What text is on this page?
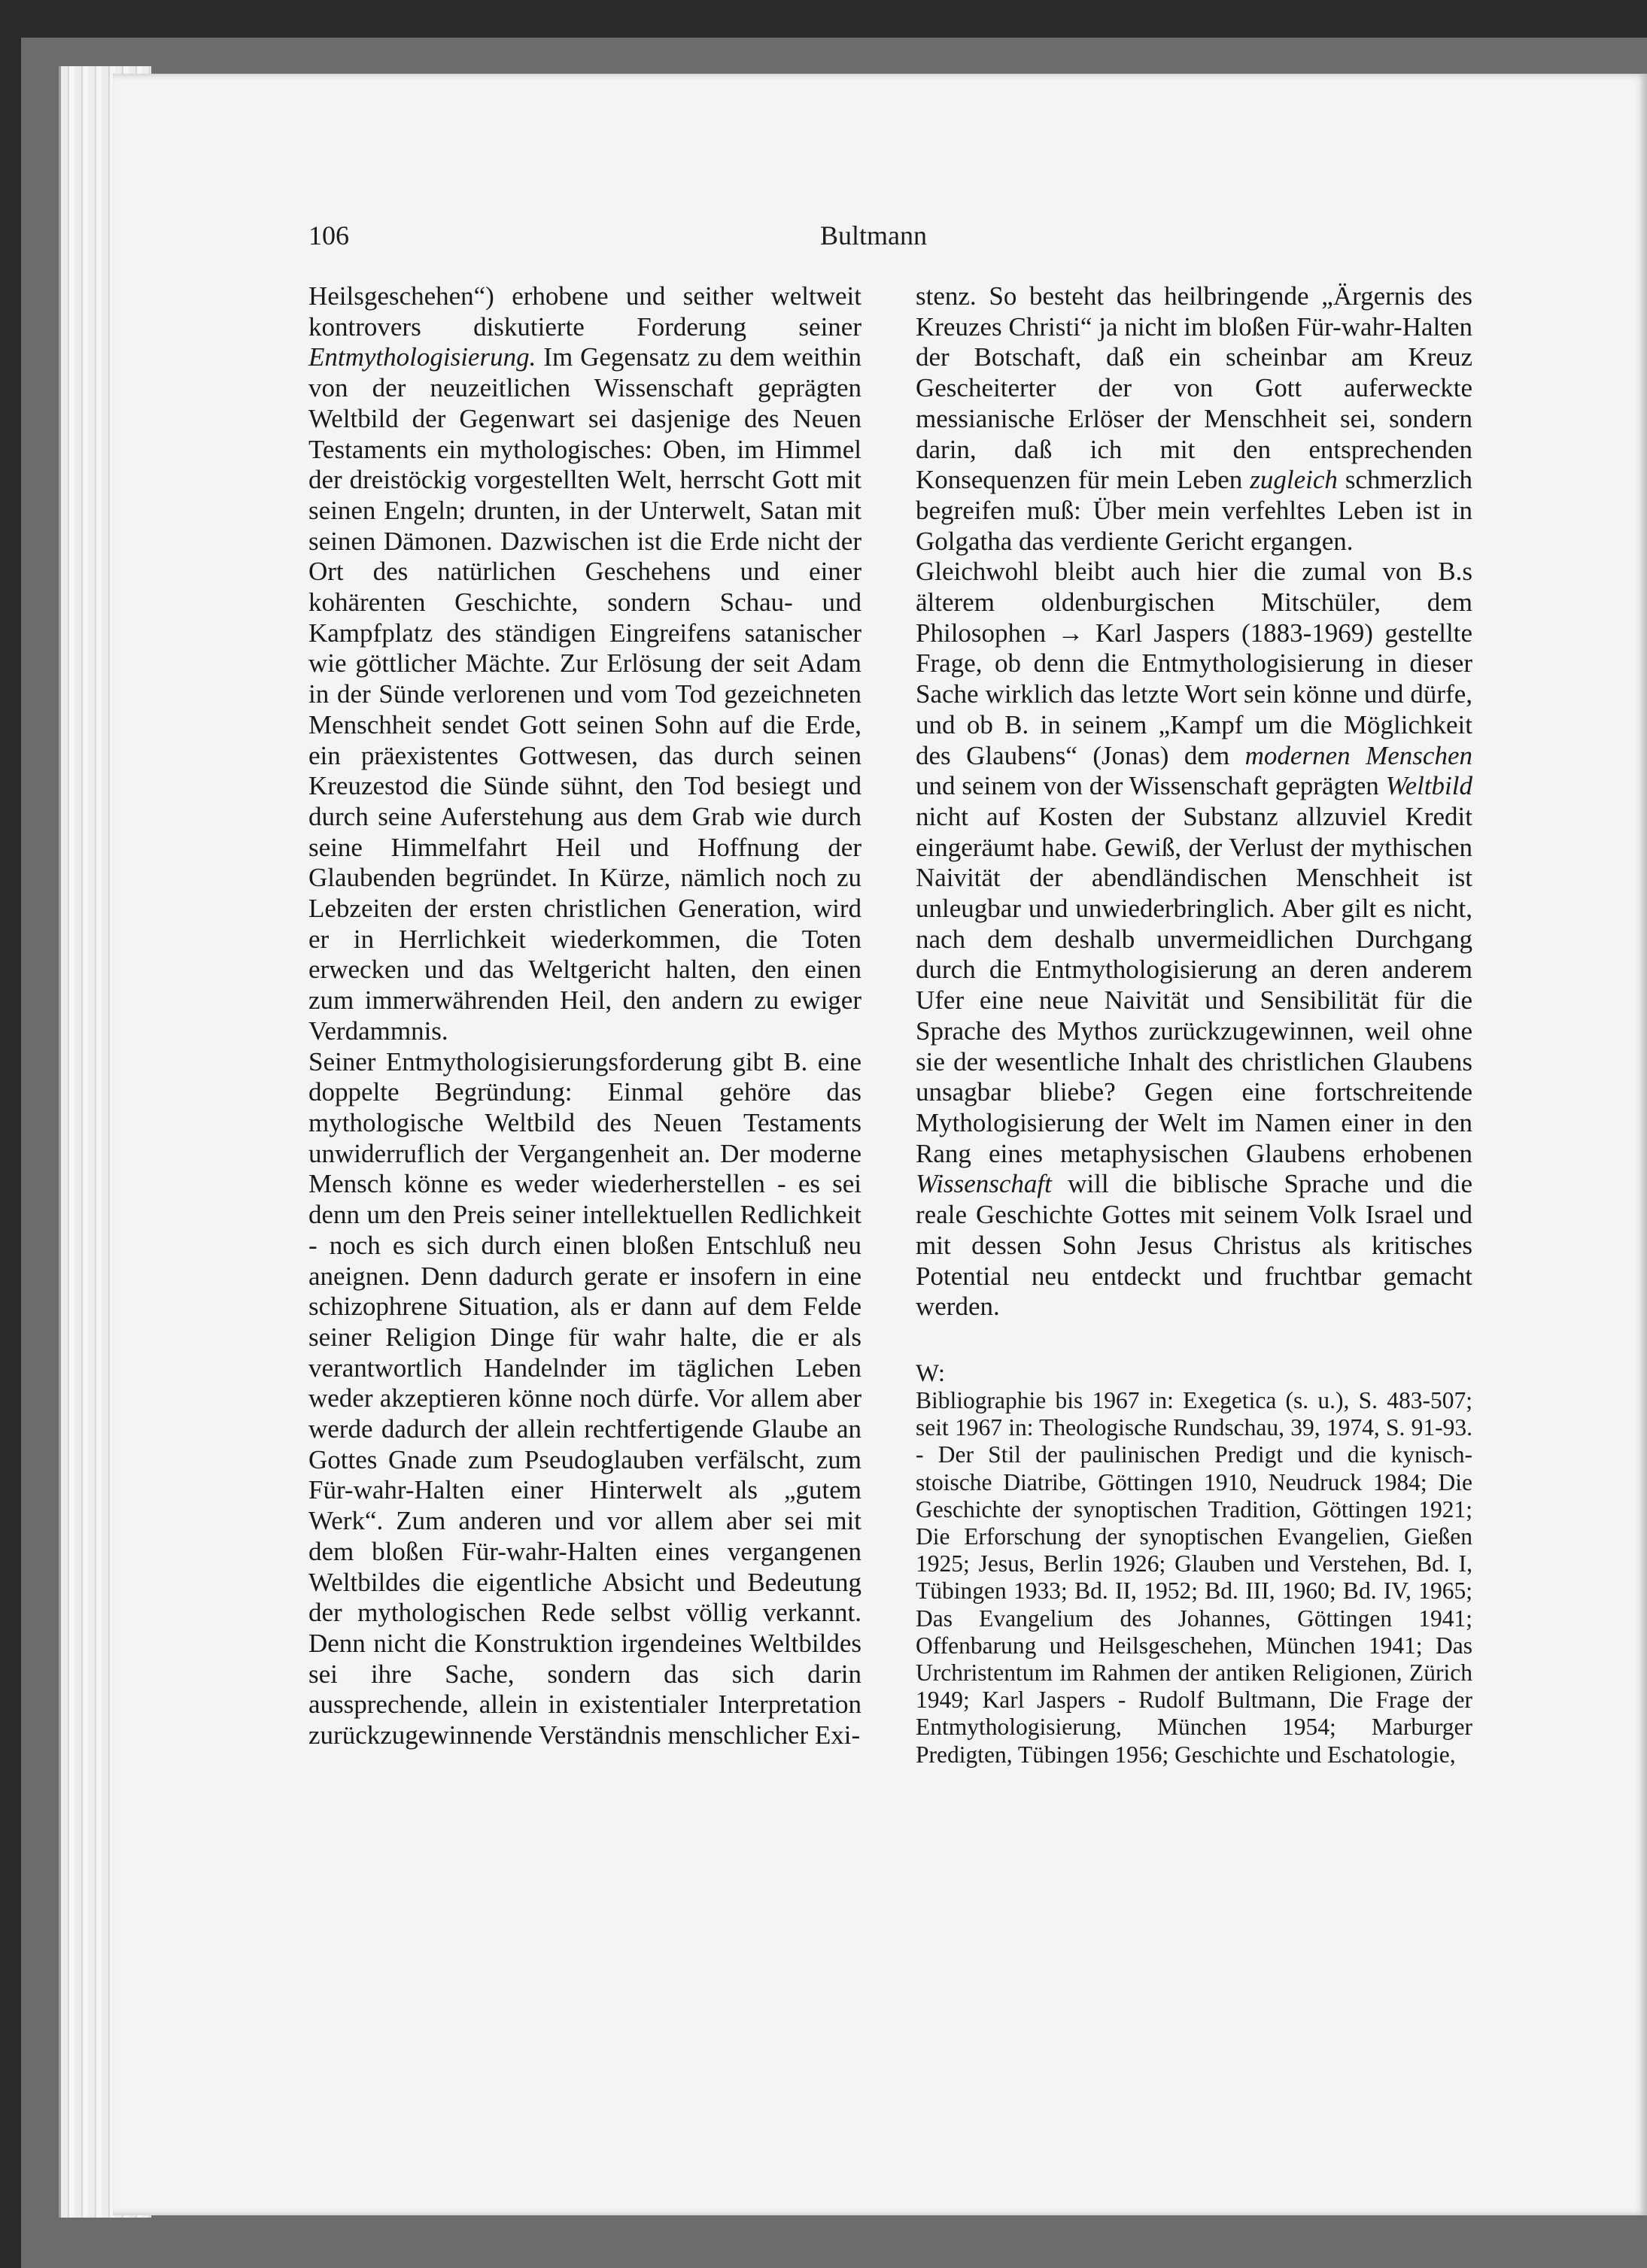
106	Bultmann

Heilsgeschehen“) erhobene und seither weltweit kontrovers diskutierte Forderung seiner Entmythologisierung. Im Gegensatz zu dem weithin von der neuzeitlichen Wissenschaft geprägten Weltbild der Gegenwart sei dasjenige des Neuen Testaments ein mythologisches: Oben, im Himmel der dreistöckig vorgestellten Welt, herrscht Gott mit seinen Engeln; drunten, in der Unterwelt, Satan mit seinen Dämonen. Dazwischen ist die Erde nicht der Ort des natürlichen Geschehens und einer kohärenten Geschichte, sondern Schau- und Kampfplatz des ständigen Eingreifens satanischer wie göttlicher Mächte. Zur Erlösung der seit Adam in der Sünde verlorenen und vom Tod gezeichneten Menschheit sendet Gott seinen Sohn auf die Erde, ein präexistentes Gottwesen, das durch seinen Kreuzestod die Sünde sühnt, den Tod besiegt und durch seine Auferstehung aus dem Grab wie durch seine Himmelfahrt Heil und Hoffnung der Glaubenden begründet. In Kürze, nämlich noch zu Lebzeiten der ersten christlichen Generation, wird er in Herrlichkeit wiederkommen, die Toten erwecken und das Weltgericht halten, den einen zum immerwährenden Heil, den andern zu ewiger Verdammnis.

Seiner Entmythologisierungsforderung gibt B. eine doppelte Begründung: Einmal gehöre das mythologische Weltbild des Neuen Testaments unwiderruflich der Vergangenheit an. Der moderne Mensch könne es weder wiederherstellen - es sei denn um den Preis seiner intellektuellen Redlichkeit - noch es sich durch einen bloßen Entschluß neu aneignen. Denn dadurch gerate er insofern in eine schizophrene Situation, als er dann auf dem Felde seiner Religion Dinge für wahr halte, die er als verantwortlich Handelnder im täglichen Leben weder akzeptieren könne noch dürfe. Vor allem aber werde dadurch der allein rechtfertigende Glaube an Gottes Gnade zum Pseudoglauben verfälscht, zum Für-wahr-Halten einer Hinterwelt als „gutem Werk“. Zum anderen und vor allem aber sei mit dem bloßen Für-wahr-Halten eines vergangenen Weltbildes die eigentliche Absicht und Bedeutung der mythologischen Rede selbst völlig verkannt. Denn nicht die Konstruktion irgendeines Weltbildes sei ihre Sache, sondern das sich darin aussprechende, allein in existentialer Interpretation zurückzugewinnende Verständnis menschlicher Exi-

stenz. So besteht das heilbringende „Ärgernis des Kreuzes Christi“ ja nicht im bloßen Für-wahr-Halten der Botschaft, daß ein scheinbar am Kreuz Gescheiterter der von Gott auferweckte messianische Erlöser der Menschheit sei, sondern darin, daß ich mit den entsprechenden Konsequenzen für mein Leben zugleich schmerzlich begreifen muß: Über mein verfehltes Leben ist in Golgatha das verdiente Gericht ergangen.

Gleichwohl bleibt auch hier die zumal von B.s älterem oldenburgischen Mitschüler, dem Philosophen → Karl Jaspers (1883-1969) gestellte Frage, ob denn die Entmythologisierung in dieser Sache wirklich das letzte Wort sein könne und dürfe, und ob B. in seinem „Kampf um die Möglichkeit des Glaubens“ (Jonas) dem modernen Menschen und seinem von der Wissenschaft geprägten Weltbild nicht auf Kosten der Substanz allzuviel Kredit eingeräumt habe. Gewiß, der Verlust der mythischen Naivität der abendländischen Menschheit ist unleugbar und unwiederbringlich. Aber gilt es nicht, nach dem deshalb unvermeidlichen Durchgang durch die Entmythologisierung an deren anderem Ufer eine neue Naivität und Sensibilität für die Sprache des Mythos zurückzugewinnen, weil ohne sie der wesentliche Inhalt des christlichen Glaubens unsagbar bliebe? Gegen eine fortschreitende Mythologisierung der Welt im Namen einer in den Rang eines metaphysischen Glaubens erhobenen Wissenschaft will die biblische Sprache und die reale Geschichte Gottes mit seinem Volk Israel und mit dessen Sohn Jesus Christus als kritisches Potential neu entdeckt und fruchtbar gemacht werden.

W:

Bibliographie bis 1967 in: Exegetica (s. u.), S. 483-507; seit 1967 in: Theologische Rundschau, 39, 1974, S. 91-93. - Der Stil der paulinischen Predigt und die kynisch-stoische Diatribe, Göttingen 1910, Neudruck 1984; Die Geschichte der synoptischen Tradition, Göttingen 1921; Die Erforschung der synoptischen Evangelien, Gießen 1925; Jesus, Berlin 1926; Glauben und Verstehen, Bd. I, Tübingen 1933; Bd. II, 1952; Bd. III, 1960; Bd. IV, 1965; Das Evangelium des Johannes, Göttingen 1941; Offenbarung und Heilsgeschehen, München 1941; Das Urchristentum im Rahmen der antiken Religionen, Zürich 1949; Karl Jaspers - Rudolf Bultmann, Die Frage der Entmythologisierung, München 1954; Marburger Predigten, Tübingen 1956; Geschichte und Eschatologie,
